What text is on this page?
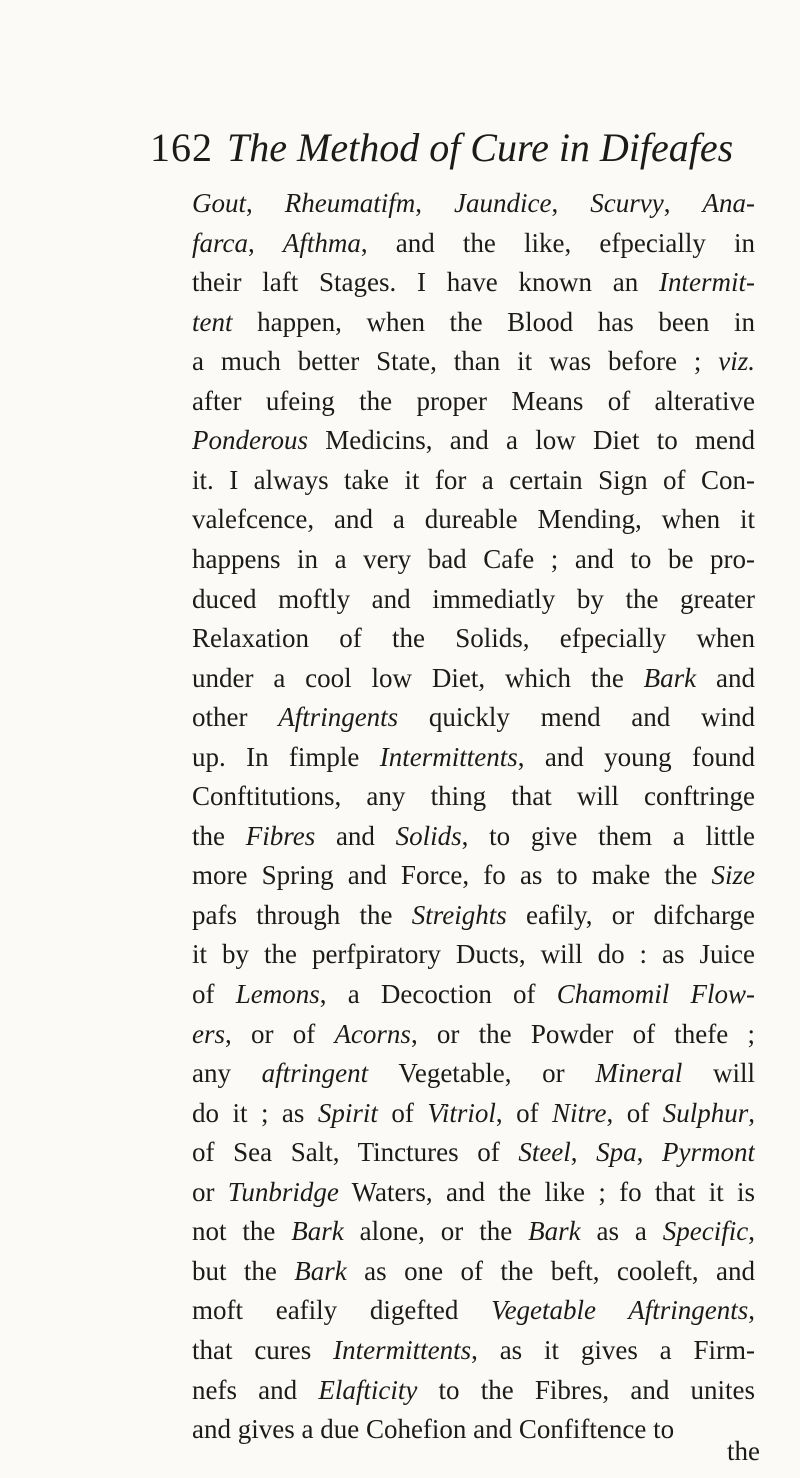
162 The Method of Cure in Difeafes
Gout, Rheumatifm, Jaundice, Scurvy, Ana-
farca, Afthma, and the like, efpecially in
their laft Stages. I have known an Intermit-
tent happen, when the Blood has been in
a much better State, than it was before ; viz.
after ufeing the proper Means of alterative
Ponderous Medicins, and a low Diet to mend
it. I always take it for a certain Sign of Con-
valefcence, and a dureable Mending, when it
happens in a very bad Cafe ; and to be pro-
duced moftly and immediatly by the greater
Relaxation of the Solids, efpecially when
under a cool low Diet, which the Bark and
other Aftringents quickly mend and wind
up. In fimple Intermittents, and young found
Conftitutions, any thing that will conftringe
the Fibres and Solids, to give them a little
more Spring and Force, fo as to make the Size
pafs through the Streights eafily, or difcharge
it by the perfpiratory Ducts, will do : as Juice
of Lemons, a Decoction of Chamomil Flow-
ers, or of Acorns, or the Powder of thefe ;
any aftringent Vegetable, or Mineral will
do it ; as Spirit of Vitriol, of Nitre, of Sulphur,
of Sea Salt, Tinctures of Steel, Spa, Pyrmont
or Tunbridge Waters, and the like ; fo that it is
not the Bark alone, or the Bark as a Specific,
but the Bark as one of the beft, cooleft, and
moft eafily digefted Vegetable Aftringents,
that cures Intermittents, as it gives a Firm-
nefs and Elafticity to the Fibres, and unites
and gives a due Cohefion and Confiftence to
the
